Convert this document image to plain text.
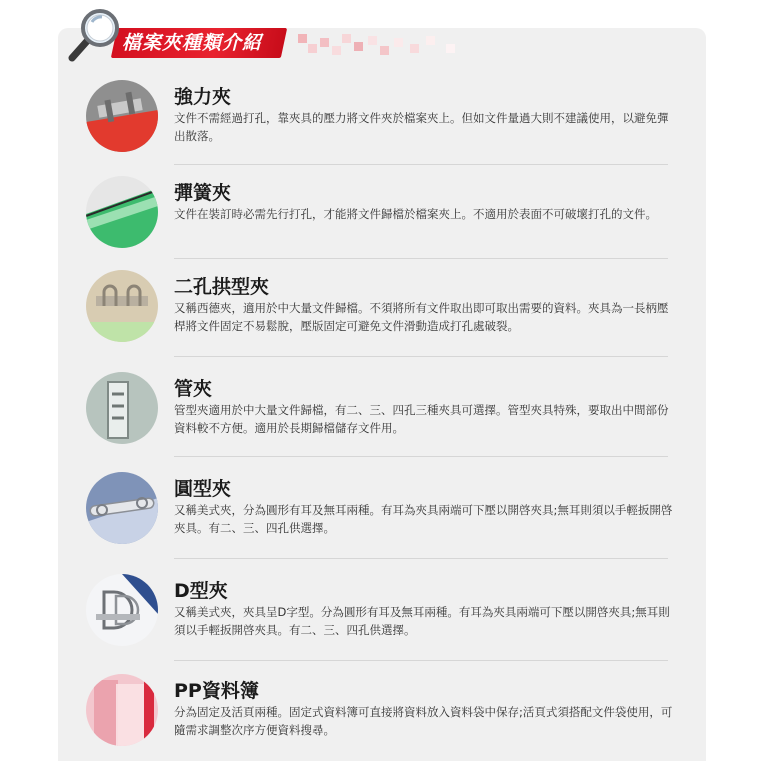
檔案夾種類介紹
強力夾
文件不需經過打孔，靠夾具的壓力將文件夾於檔案夾上。但如文件量過大則不建議使用，以避免彈出散落。
彈簧夾
文件在裝訂時必需先行打孔，才能將文件歸檔於檔案夾上。不適用於表面不可破壞打孔的文件。
二孔拱型夾
又稱西德夾，適用於中大量文件歸檔。不須將所有文件取出即可取出需要的資料。夾具為一長柄壓桿將文件固定不易鬆脫，壓版固定可避免文件滑動造成打孔處破裂。
管夾
管型夾適用於中大量文件歸檔，有二、三、四孔三種夾具可選擇。管型夾具特殊，要取出中間部份資料較不方便。適用於長期歸檔儲存文件用。
圓型夾
又稱美式夾，分為圓形有耳及無耳兩種。有耳為夾具兩端可下壓以開啓夾具;無耳則須以手輕扳開啓夾具。有二、三、四孔供選擇。
D型夾
又稱美式夾，夾具呈D字型。分為圓形有耳及無耳兩種。有耳為夾具兩端可下壓以開啓夾具;無耳則須以手輕扳開啓夾具。有二、三、四孔供選擇。
PP資料簿
分為固定及活頁兩種。固定式資料簿可直接將資料放入資料袋中保存;活頁式須搭配文件袋使用，可隨需求調整次序方便資料搜尋。
